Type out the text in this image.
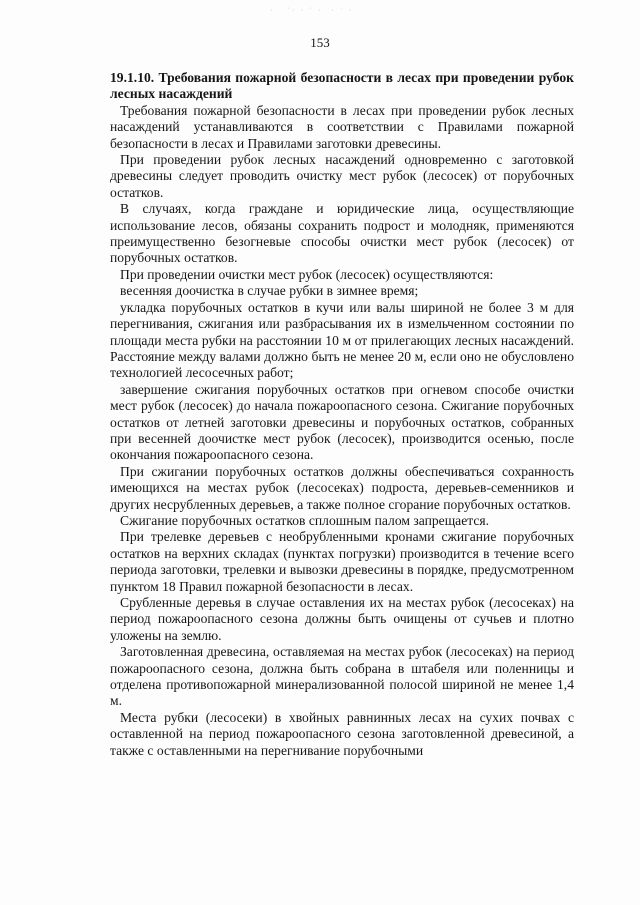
· ˙ ˙· · ˙ · ˙· ˙ ·
153

19.1.10. Требования пожарной безопасности в лесах при проведении рубок лесных насаждений

Требования пожарной безопасности в лесах при проведении рубок лесных насаждений устанавливаются в соответствии с Правилами пожарной безопасности в лесах и Правилами заготовки древесины.

При проведении рубок лесных насаждений одновременно с заготовкой древесины следует проводить очистку мест рубок (лесосек) от порубочных остатков.

В случаях, когда граждане и юридические лица, осуществляющие использование лесов, обязаны сохранить подрост и молодняк, применяются преимущественно безогневые способы очистки мест рубок (лесосек) от порубочных остатков.

При проведении очистки мест рубок (лесосек) осуществляются:

весенняя доочистка в случае рубки в зимнее время;

укладка порубочных остатков в кучи или валы шириной не более 3 м для перегнивания, сжигания или разбрасывания их в измельченном состоянии по площади места рубки на расстоянии 10 м от прилегающих лесных насаждений. Расстояние между валами должно быть не менее 20 м, если оно не обусловлено технологией лесосечных работ;

завершение сжигания порубочных остатков при огневом способе очистки мест рубок (лесосек) до начала пожароопасного сезона. Сжигание порубочных остатков от летней заготовки древесины и порубочных остатков, собранных при весенней доочистке мест рубок (лесосек), производится осенью, после окончания пожароопасного сезона.

При сжигании порубочных остатков должны обеспечиваться сохранность имеющихся на местах рубок (лесосеках) подроста, деревьев-семенников и других несрубленных деревьев, а также полное сгорание порубочных остатков.

Сжигание порубочных остатков сплошным палом запрещается.

При трелевке деревьев с необрубленными кронами сжигание порубочных остатков на верхних складах (пунктах погрузки) производится в течение всего периода заготовки, трелевки и вывозки древесины в порядке, предусмотренном пунктом 18 Правил пожарной безопасности в лесах.

Срубленные деревья в случае оставления их на местах рубок (лесосеках) на период пожароопасного сезона должны быть очищены от сучьев и плотно уложены на землю.

Заготовленная древесина, оставляемая на местах рубок (лесосеках) на период пожароопасного сезона, должна быть собрана в штабеля или поленницы и отделена противопожарной минерализованной полосой шириной не менее 1,4 м.

Места рубки (лесосеки) в хвойных равнинных лесах на сухих почвах с оставленной на период пожароопасного сезона заготовленной древесиной, а также с оставленными на перегнивание порубочными
